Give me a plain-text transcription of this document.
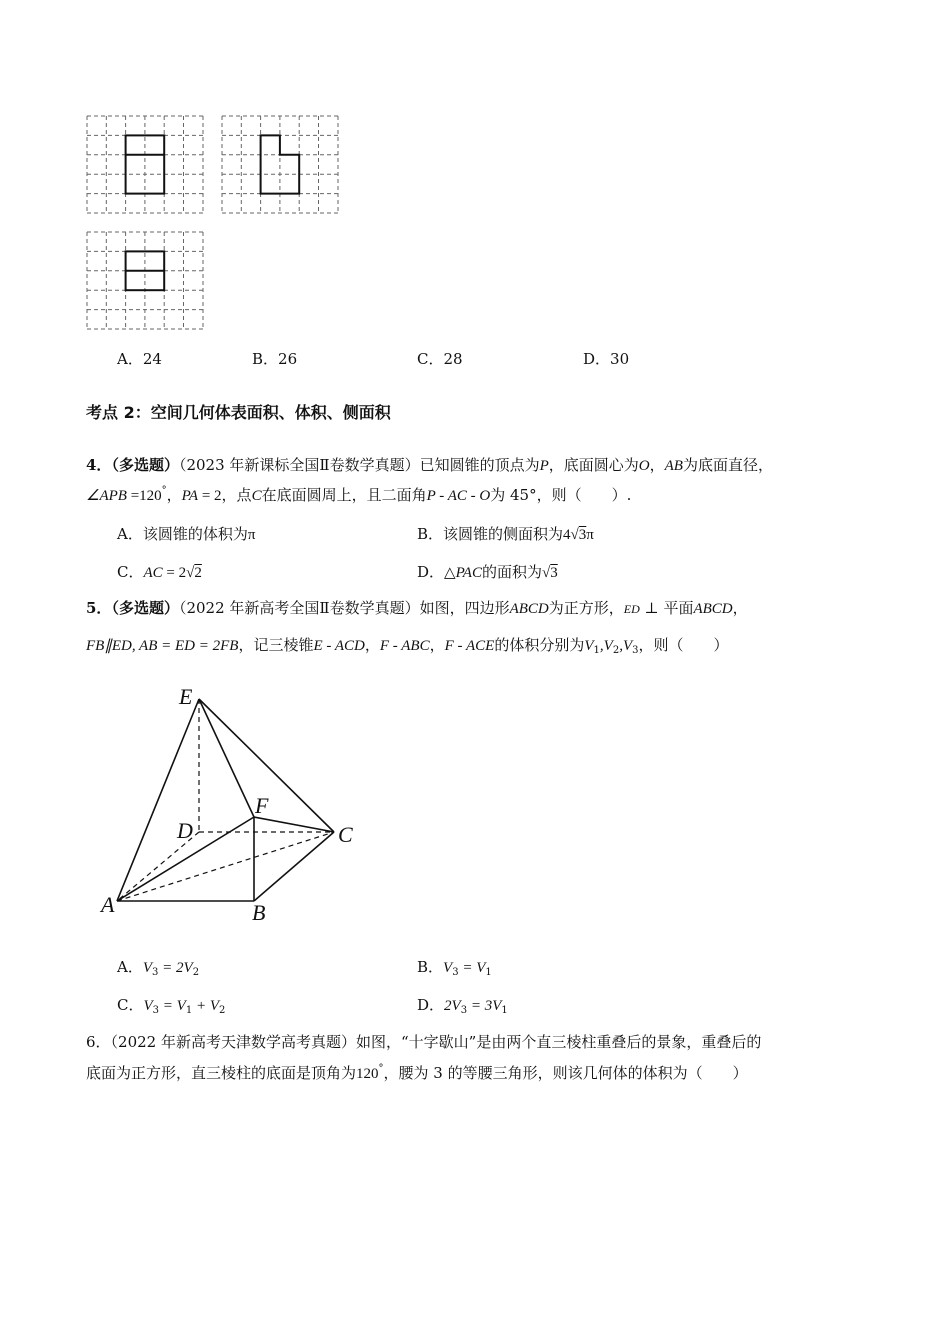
A．24	B．26	C．28	D．30
考点 2：空间几何体表面积、体积、侧面积
4．（多选题）（2023 年新课标全国Ⅱ卷数学真题）已知圆锥的顶点为P，底面圆心为O，AB为底面直径，
∠APB =120°，PA = 2，点C在底面圆周上，且二面角P - AC - O为 45°，则（　　）.
A．该圆锥的体积为π	B．该圆锥的侧面积为4√3π
C．AC = 2√2	D．△PAC的面积为√3
5．（多选题）（2022 年新高考全国Ⅱ卷数学真题）如图，四边形ABCD为正方形，ED ⊥ 平面ABCD，
FB∥ED, AB = ED = 2FB，记三棱锥E - ACD，F - ABC，F - ACE的体积分别为$V_1,V_2,V_3$，则（　　）
E
F
D	C
A	B
A．$V_3 = 2V_2$	B．$V_3 = V_1$
C．$V_3 = V_1 + V_2$	D．$2V_3 = 3V_1$
6．（2022 年新高考天津数学高考真题）如图，“十字歇山”是由两个直三棱柱重叠后的景象，重叠后的
底面为正方形，直三棱柱的底面是顶角为120°，腰为 3 的等腰三角形，则该几何体的体积为（　　）
